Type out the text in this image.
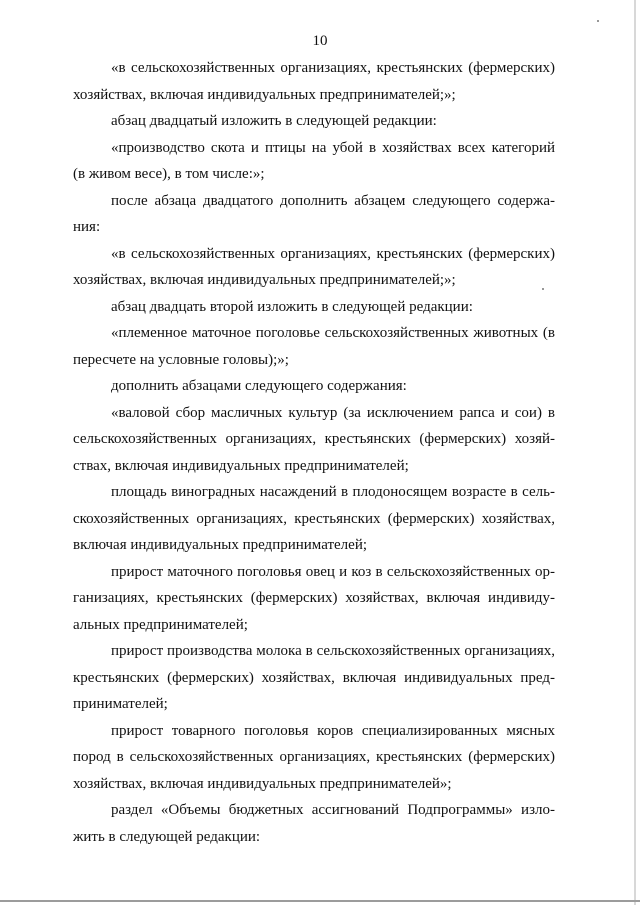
10

«в сельскохозяйственных организациях, крестьянских (фермерских)
хозяйствах, включая индивидуальных предпринимателей;»;

абзац двадцатый изложить в следующей редакции:

«производство скота и птицы на убой в хозяйствах всех категорий
(в живом весе), в том числе:»;

после абзаца двадцатого дополнить абзацем следующего содержа-
ния:

«в сельскохозяйственных организациях, крестьянских (фермерских)
хозяйствах, включая индивидуальных предпринимателей;»;

абзац двадцать второй изложить в следующей редакции:

«племенное маточное поголовье сельскохозяйственных животных (в
пересчете на условные головы);»;

дополнить абзацами следующего содержания:

«валовой сбор масличных культур (за исключением рапса и сои) в
сельскохозяйственных организациях, крестьянских (фермерских) хозяй-
ствах, включая индивидуальных предпринимателей;

площадь виноградных насаждений в плодоносящем возрасте в сель-
скохозяйственных организациях, крестьянских (фермерских) хозяйствах,
включая индивидуальных предпринимателей;

прирост маточного поголовья овец и коз в сельскохозяйственных ор-
ганизациях, крестьянских (фермерских) хозяйствах, включая индивиду-
альных предпринимателей;

прирост производства молока в сельскохозяйственных организациях,
крестьянских (фермерских) хозяйствах, включая индивидуальных пред-
принимателей;

прирост товарного поголовья коров специализированных мясных
пород в сельскохозяйственных организациях, крестьянских (фермерских)
хозяйствах, включая индивидуальных предпринимателей»;

раздел «Объемы бюджетных ассигнований Подпрограммы» изло-
жить в следующей редакции:
